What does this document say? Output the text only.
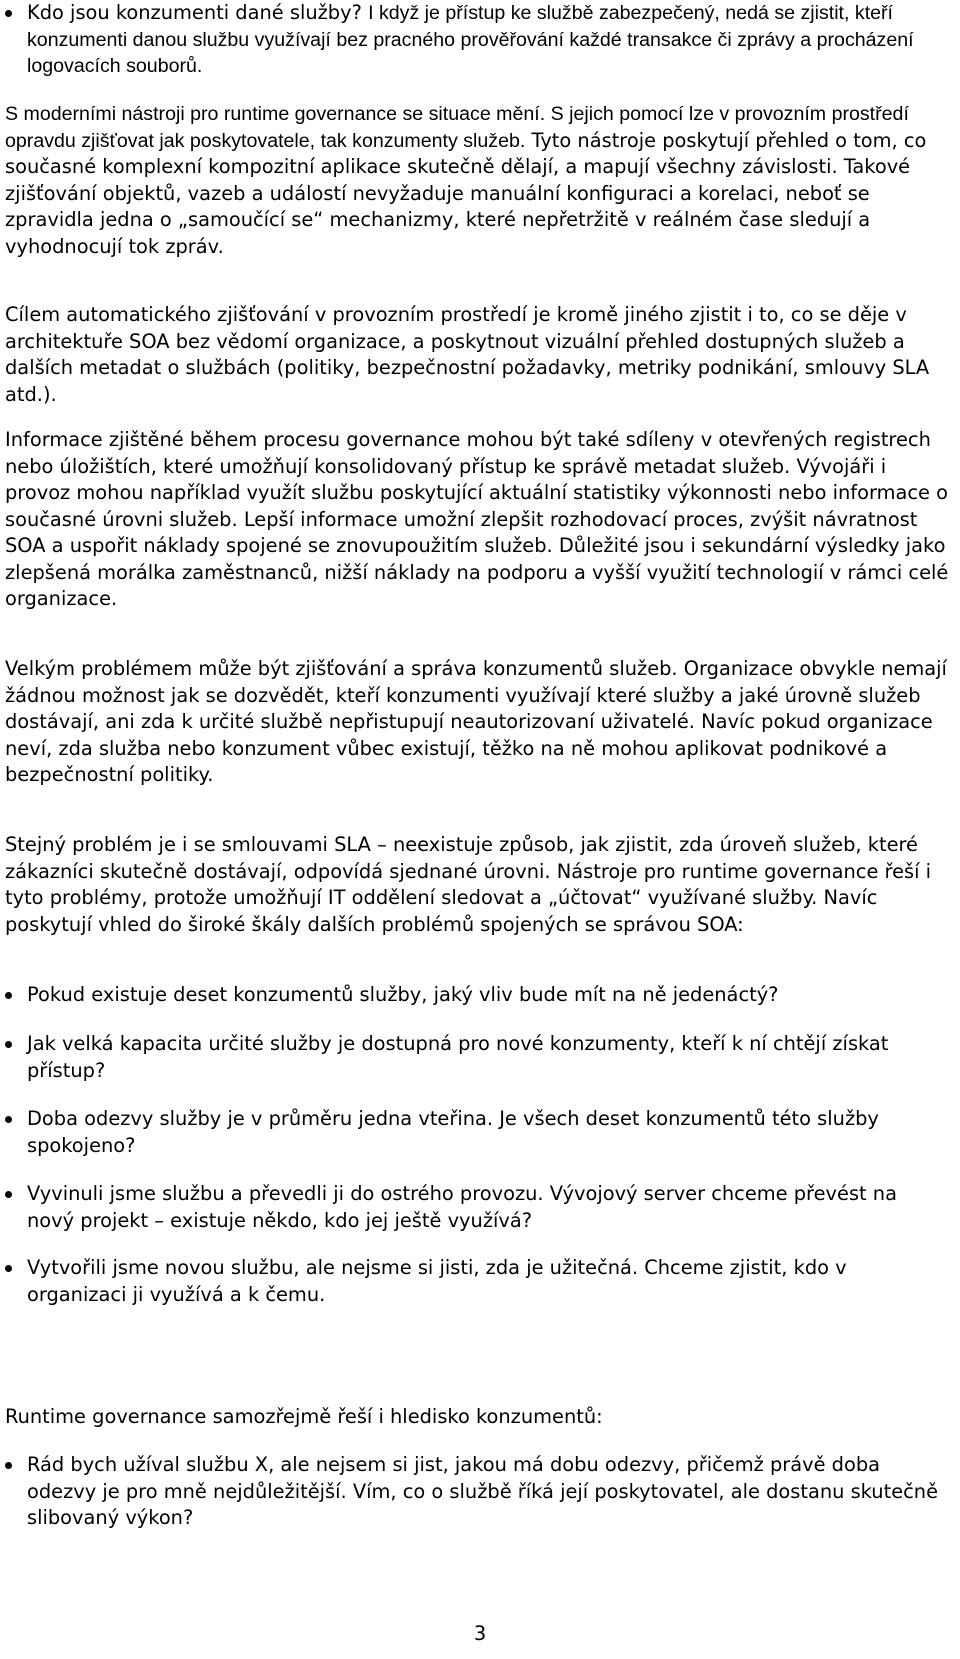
Kdo jsou konzumenti dané služby? I když je přístup ke službě zabezpečený, nedá se zjistit, kteří konzumenti danou službu využívají bez pracného prověřování každé transakce či zprávy a procházení logovacích souborů.

S moderními nástroji pro runtime governance se situace mění. S jejich pomocí lze v provozním prostředí opravdu zjišťovat jak poskytovatele, tak konzumenty služeb. Tyto nástroje poskytují přehled o tom, co současné komplexní kompozitní aplikace skutečně dělají, a mapují všechny závislosti. Takové zjišťování objektů, vazeb a událostí nevyžaduje manuální konfiguraci a korelaci, neboť se zpravidla jedna o „samoučící se“ mechanizmy, které nepřetržitě v reálném čase sledují a vyhodnocují tok zpráv.

Cílem automatického zjišťování v provozním prostředí je kromě jiného zjistit i to, co se děje v architektuře SOA bez vědomí organizace, a poskytnout vizuální přehled dostupných služeb a dalších metadat o službách (politiky, bezpečnostní požadavky, metriky podnikání, smlouvy SLA atd.).

Informace zjištěné během procesu governance mohou být také sdíleny v otevřených registrech nebo úložištích, které umožňují konsolidovaný přístup ke správě metadat služeb. Vývojáři i provoz mohou například využít službu poskytující aktuální statistiky výkonnosti nebo informace o současné úrovni služeb. Lepší informace umožní zlepšit rozhodovací proces, zvýšit návratnost SOA a uspořit náklady spojené se znovupoužitím služeb. Důležité jsou i sekundární výsledky jako zlepšená morálka zaměstnanců, nižší náklady na podporu a vyšší využití technologií v rámci celé organizace.

Velkým problémem může být zjišťování a správa konzumentů služeb. Organizace obvykle nemají žádnou možnost jak se dozvědět, kteří konzumenti využívají které služby a jaké úrovně služeb dostávají, ani zda k určité službě nepřistupují neautorizovaní uživatelé. Navíc pokud organizace neví, zda služba nebo konzument vůbec existují, těžko na ně mohou aplikovat podnikové a bezpečnostní politiky.

Stejný problém je i se smlouvami SLA – neexistuje způsob, jak zjistit, zda úroveň služeb, které zákazníci skutečně dostávají, odpovídá sjednané úrovni. Nástroje pro runtime governance řeší i tyto problémy, protože umožňují IT oddělení sledovat a „účtovat“ využívané služby. Navíc poskytují vhled do široké škály dalších problémů spojených se správou SOA:

Pokud existuje deset konzumentů služby, jaký vliv bude mít na ně jedenáctý?
Jak velká kapacita určité služby je dostupná pro nové konzumenty, kteří k ní chtějí získat přístup?
Doba odezvy služby je v průměru jedna vteřina. Je všech deset konzumentů této služby spokojeno?
Vyvinuli jsme službu a převedli ji do ostrého provozu. Vývojový server chceme převést na nový projekt – existuje někdo, kdo jej ještě využívá?
Vytvořili jsme novou službu, ale nejsme si jisti, zda je užitečná. Chceme zjistit, kdo v organizaci ji využívá a k čemu.

Runtime governance samozřejmě řeší i hledisko konzumentů:

Rád bych užíval službu X, ale nejsem si jist, jakou má dobu odezvy, přičemž právě doba odezvy je pro mně nejdůležitější. Vím, co o službě říká její poskytovatel, ale dostanu skutečně slibovaný výkon?
3
